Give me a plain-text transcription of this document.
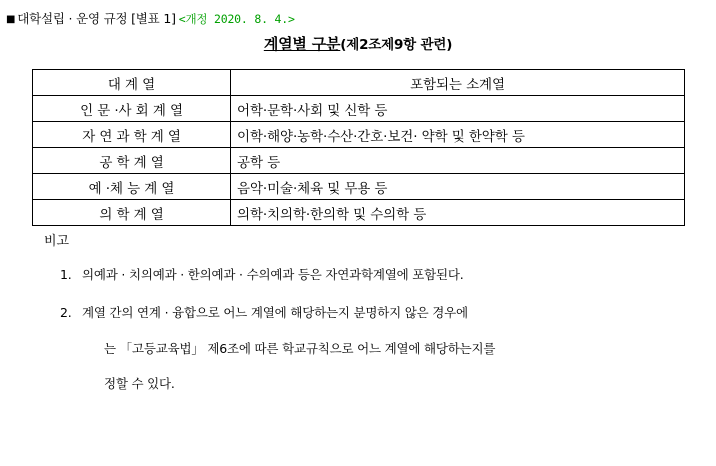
■ 대학설립 · 운영 규정 [별표 1] <개정 2020. 8. 4.>
계열별 구분(제2조제9항 관련)
대 계 열	포함되는 소계열
인 문 ·사 회 계 열	어학·문학·사회 및 신학 등
자 연 과 학 계 열	이학·해양·농학·수산·간호·보건· 약학 및 한약학 등
공 학 계 열	공학 등
예 ·체 능 계 열	음악·미술·체육 및 무용 등
의 학 계 열	의학·치의학·한의학 및 수의학 등
비고
1. 의예과 · 치의예과 · 한의예과 · 수의예과 등은 자연과학계열에 포함된다.
2. 계열 간의 연계 · 융합으로 어느 계열에 해당하는지 분명하지 않은 경우에
는 「고등교육법」 제6조에 따른 학교규칙으로 어느 계열에 해당하는지를
정할 수 있다.
